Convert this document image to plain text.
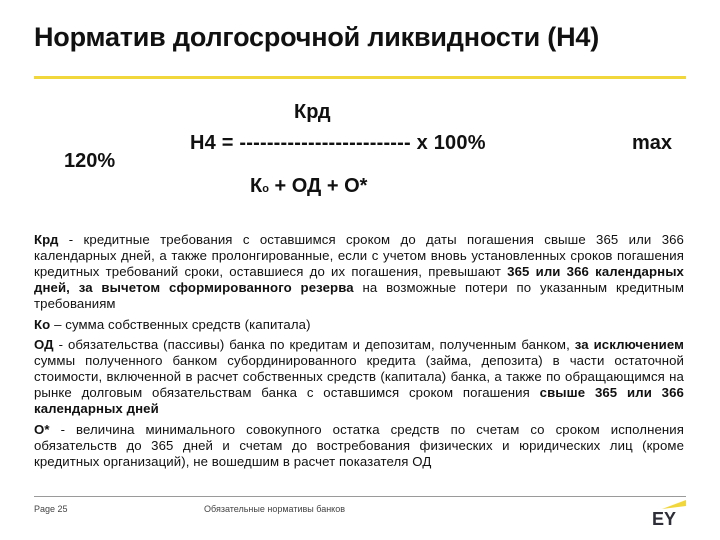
Норматив долгосрочной ликвидности (Н4)
Крд
Н4 = ------------------------- х 100%
Ко + ОД + О*
120%
max

Крд - кредитные требования с оставшимся сроком до даты погашения свыше 365 или 366 календарных дней, а также пролонгированные, если с учетом вновь установленных сроков погашения кредитных требований сроки, оставшиеся до их погашения, превышают 365 или 366 календарных дней, за вычетом сформированного резерва на возможные потери по указанным кредитным требованиям

Ко – сумма собственных средств (капитала)

ОД - обязательства (пассивы) банка по кредитам и депозитам, полученным банком, за исключением суммы полученного банком субординированного кредита (займа, депозита) в части остаточной стоимости, включенной в расчет собственных средств (капитала) банка, а также по обращающимся на рынке долговым обязательствам банка с оставшимся сроком погашения свыше 365 или 366 календарных дней

О* - величина минимального совокупного остатка средств по счетам со сроком исполнения обязательств до 365 дней и счетам до востребования физических и юридических лиц (кроме кредитных организаций), не вошедшим в расчет показателя ОД

Page 25	Обязательные нормативы банков	EY
